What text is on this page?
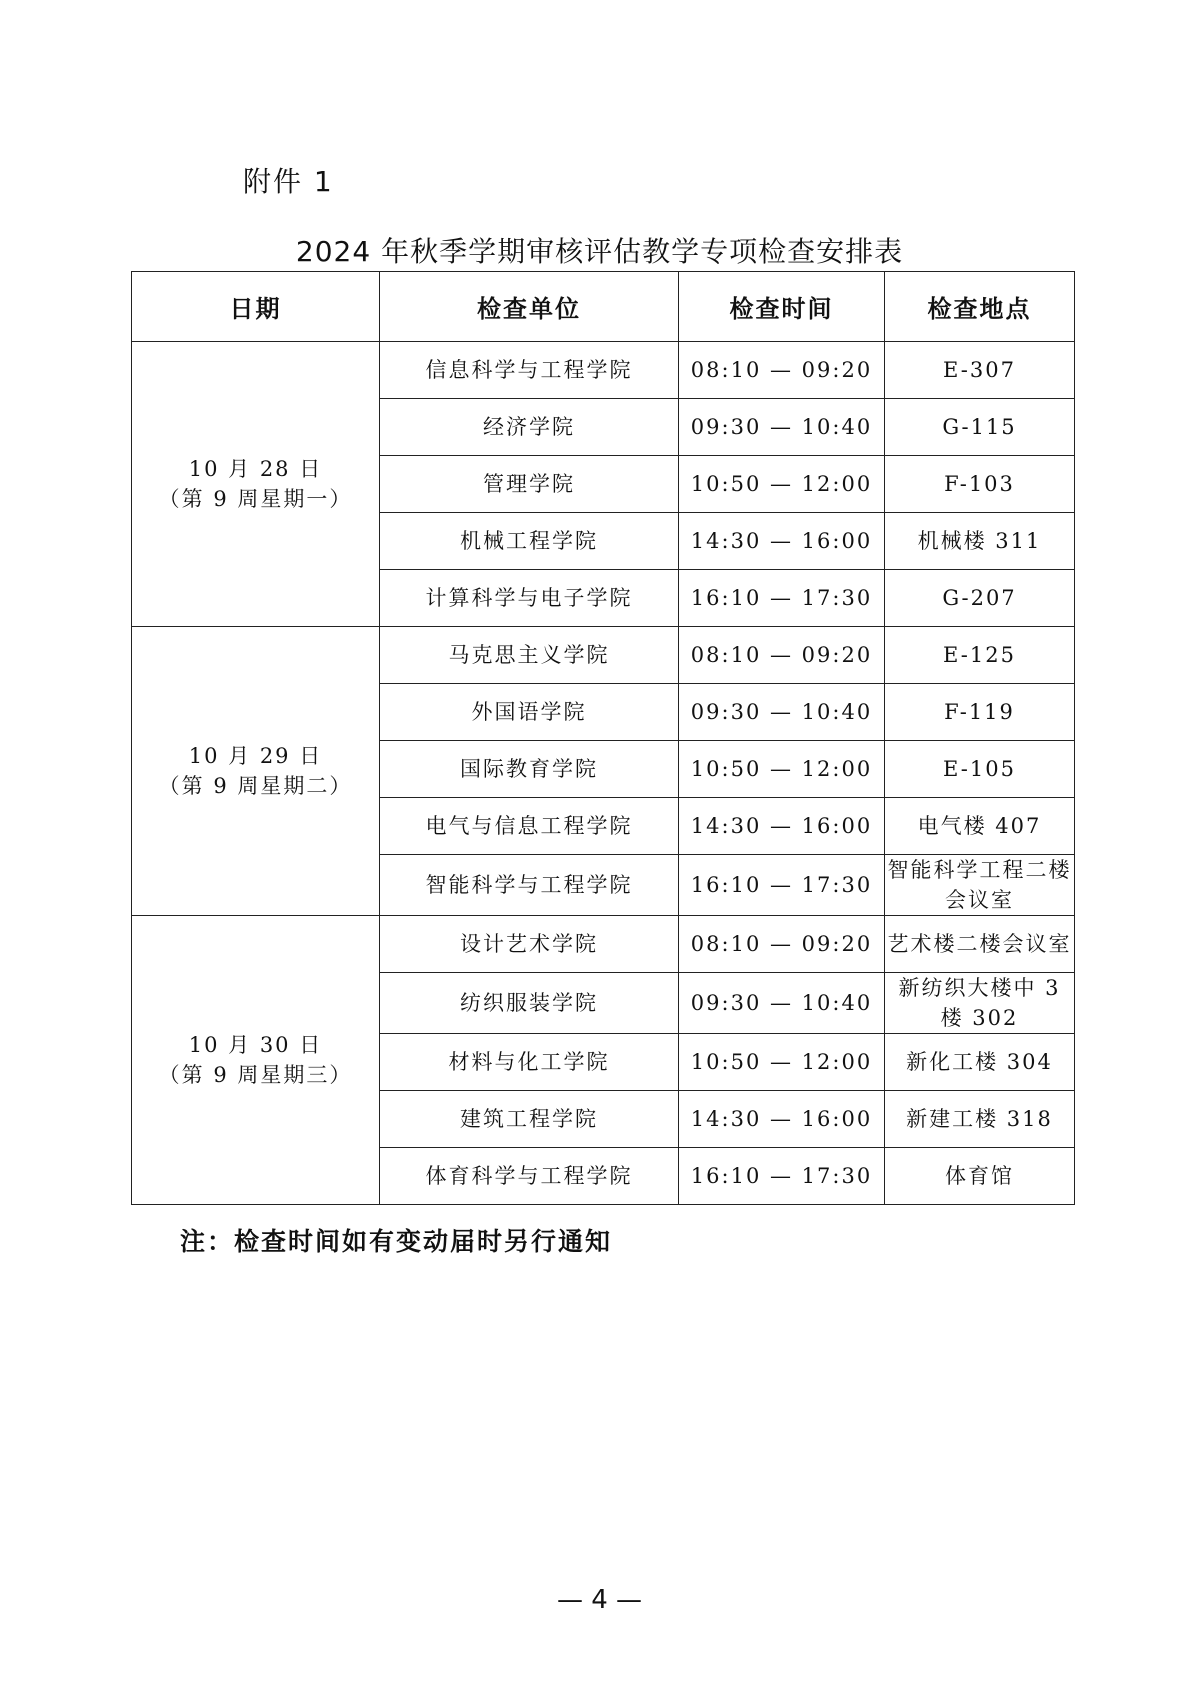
附件 1
2024 年秋季学期审核评估教学专项检查安排表
日期	检查单位	检查时间	检查地点

10 月 28 日
（第 9 周星期一）	信息科学与工程学院	08:10 — 09:20	E-307
	经济学院	09:30 — 10:40	G-115
	管理学院	10:50 — 12:00	F-103
	机械工程学院	14:30 — 16:00	机械楼 311
	计算科学与电子学院	16:10 — 17:30	G-207

10 月 29 日
（第 9 周星期二）	马克思主义学院	08:10 — 09:20	E-125
	外国语学院	09:30 — 10:40	F-119
	国际教育学院	10:50 — 12:00	E-105
	电气与信息工程学院	14:30 — 16:00	电气楼 407
	智能科学与工程学院	16:10 — 17:30	智能科学工程二楼会议室

10 月 30 日
（第 9 周星期三）	设计艺术学院	08:10 — 09:20	艺术楼二楼会议室
	纺织服装学院	09:30 — 10:40	新纺织大楼中 3 楼 302
	材料与化工学院	10:50 — 12:00	新化工楼 304
	建筑工程学院	14:30 — 16:00	新建工楼 318
	体育科学与工程学院	16:10 — 17:30	体育馆
注：检查时间如有变动届时另行通知
— 4 —
